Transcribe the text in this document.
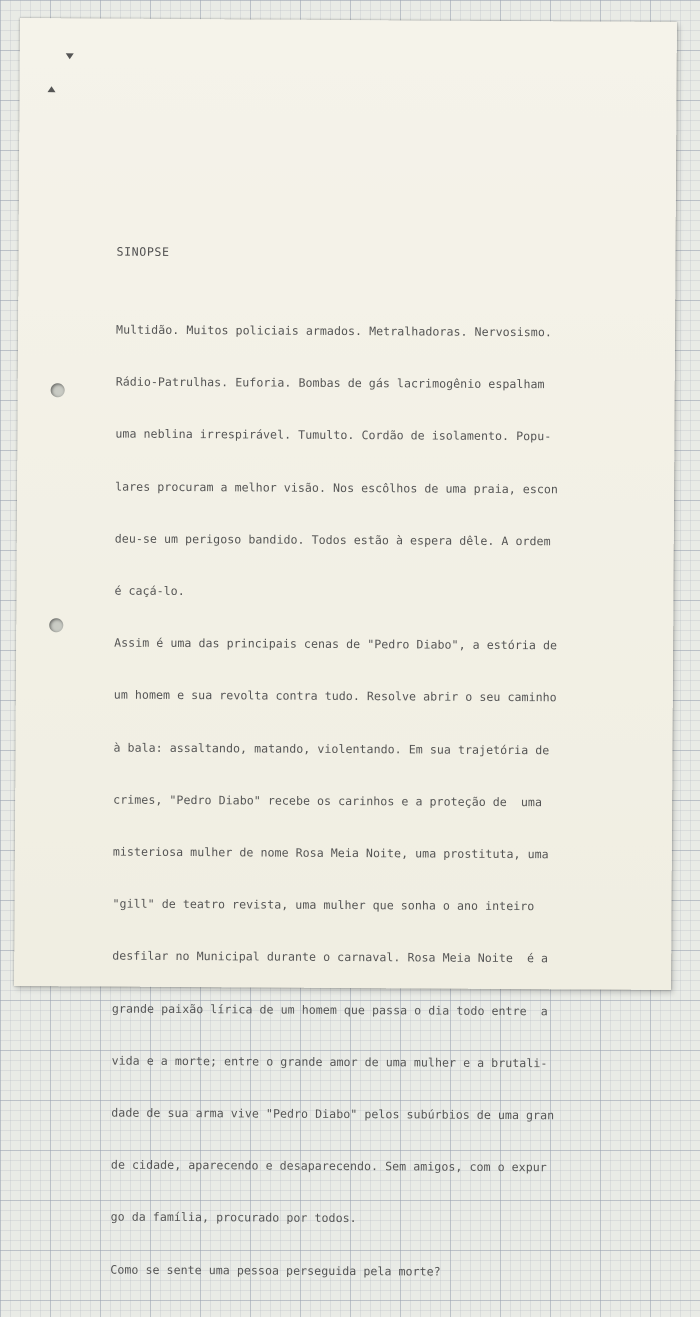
SINOPSE

Multidão. Muitos policiais armados. Metralhadoras. Nervosismo.

Rádio-Patrulhas. Euforia. Bombas de gás lacrimogênio espalham

uma neblina irrespirável. Tumulto. Cordão de isolamento. Popu-

lares procuram a melhor visão. Nos escôlhos de uma praia, escon

deu-se um perigoso bandido. Todos estão à espera dêle. A ordem

é caçá-lo.

Assim é uma das principais cenas de "Pedro Diabo", a estória de

um homem e sua revolta contra tudo. Resolve abrir o seu caminho

à bala: assaltando, matando, violentando. Em sua trajetória de

crimes, "Pedro Diabo" recebe os carinhos e a proteção de  uma

misteriosa mulher de nome Rosa Meia Noite, uma prostituta, uma

"gill" de teatro revista, uma mulher que sonha o ano inteiro

desfilar no Municipal durante o carnaval. Rosa Meia Noite  é a

grande paixão lírica de um homem que passa o dia todo entre  a

vida e a morte; entre o grande amor de uma mulher e a brutali-

dade de sua arma vive "Pedro Diabo" pelos subúrbios de uma gran

de cidade, aparecendo e desaparecendo. Sem amigos, com o expur

go da família, procurado por todos.

Como se sente uma pessoa perseguida pela morte?
